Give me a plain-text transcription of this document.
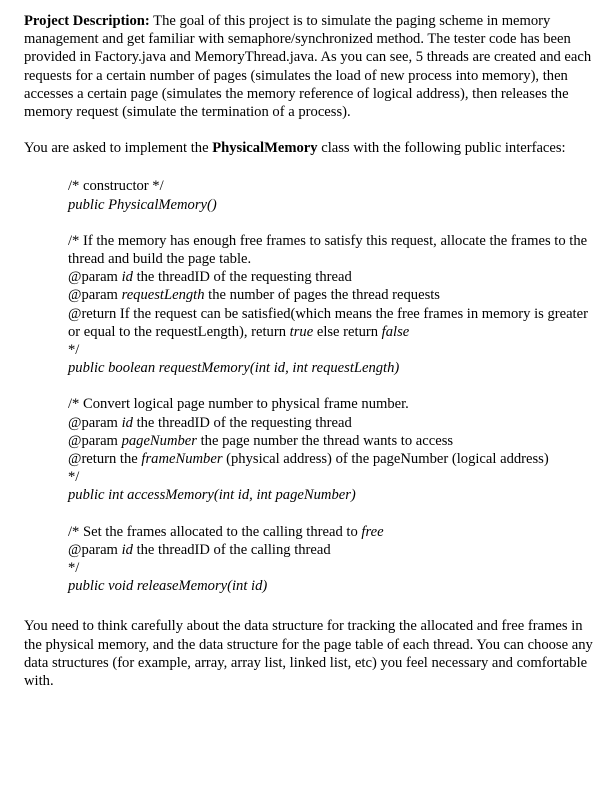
Project Description: The goal of this project is to simulate the paging scheme in memory management and get familiar with semaphore/synchronized method. The tester code has been provided in Factory.java and MemoryThread.java. As you can see, 5 threads are created and each requests for a certain number of pages (simulates the load of new process into memory), then accesses a certain page (simulates the memory reference of logical address), then releases the memory request (simulate the termination of a process).

You are asked to implement the PhysicalMemory class with the following public interfaces:

/* constructor */

public PhysicalMemory()

/* If the memory has enough free frames to satisfy this request, allocate the frames to the thread and build the page table.

@param id the threadID of the requesting thread

@param requestLength the number of pages the thread requests

@return If the request can be satisfied(which means the free frames in memory is greater or equal to the requestLength), return true else return false

*/

public boolean requestMemory(int id, int requestLength)

/* Convert logical page number to physical frame number.

@param id the threadID of the requesting thread

@param pageNumber the page number the thread wants to access

@return the frameNumber (physical address) of the pageNumber (logical address)

*/

public int accessMemory(int id, int pageNumber)

/* Set the frames allocated to the calling thread to free

@param id the threadID of the calling thread

*/

public void releaseMemory(int id)

You need to think carefully about the data structure for tracking the allocated and free frames in the physical memory, and the data structure for the page table of each thread. You can choose any data structures (for example, array, array list, linked list, etc) you feel necessary and comfortable with.
